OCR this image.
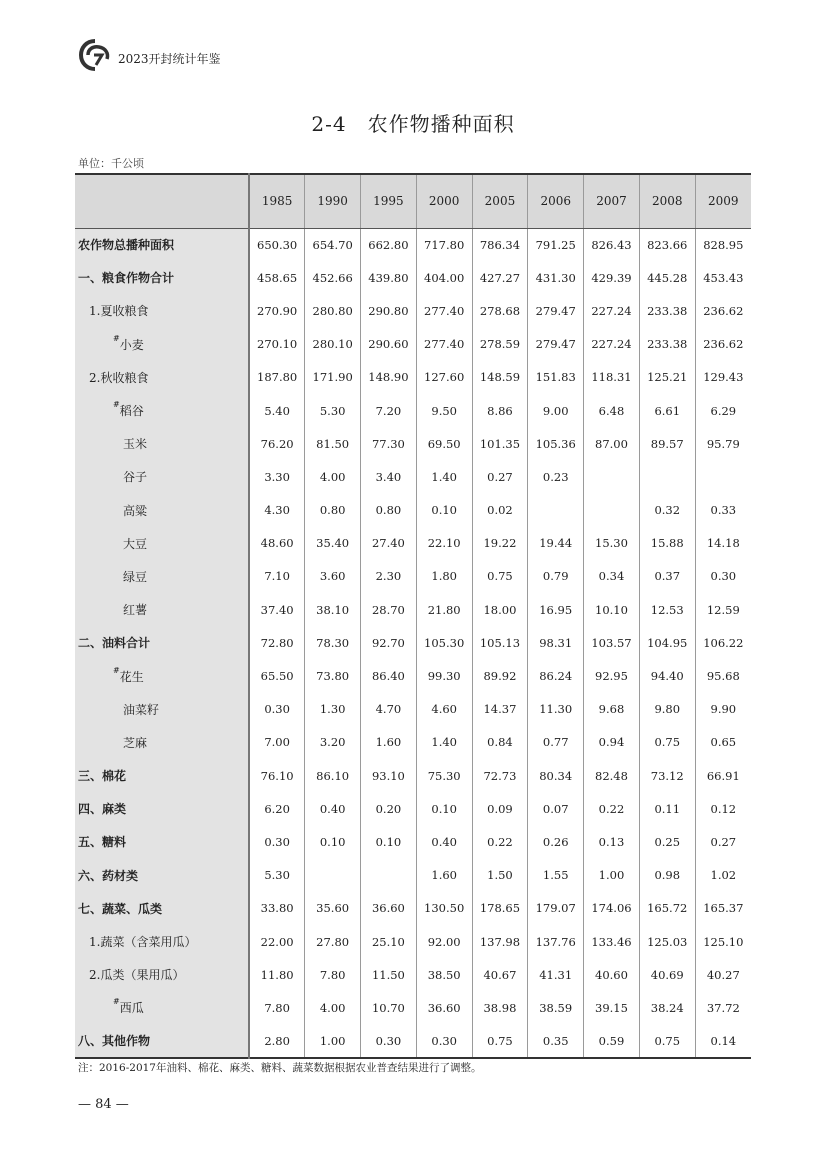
2023开封统计年鉴
2-4　农作物播种面积
单位：千公顷
	1985	1990	1995	2000	2005	2006	2007	2008	2009
农作物总播种面积	650.30	654.70	662.80	717.80	786.34	791.25	826.43	823.66	828.95
一、粮食作物合计	458.65	452.66	439.80	404.00	427.27	431.30	429.39	445.28	453.43
1.夏收粮食	270.90	280.80	290.80	277.40	278.68	279.47	227.24	233.38	236.62
#小麦	270.10	280.10	290.60	277.40	278.59	279.47	227.24	233.38	236.62
2.秋收粮食	187.80	171.90	148.90	127.60	148.59	151.83	118.31	125.21	129.43
#稻谷	5.40	5.30	7.20	9.50	8.86	9.00	6.48	6.61	6.29
玉米	76.20	81.50	77.30	69.50	101.35	105.36	87.00	89.57	95.79
谷子	3.30	4.00	3.40	1.40	0.27	0.23			
高粱	4.30	0.80	0.80	0.10	0.02			0.32	0.33
大豆	48.60	35.40	27.40	22.10	19.22	19.44	15.30	15.88	14.18
绿豆	7.10	3.60	2.30	1.80	0.75	0.79	0.34	0.37	0.30
红薯	37.40	38.10	28.70	21.80	18.00	16.95	10.10	12.53	12.59
二、油料合计	72.80	78.30	92.70	105.30	105.13	98.31	103.57	104.95	106.22
#花生	65.50	73.80	86.40	99.30	89.92	86.24	92.95	94.40	95.68
油菜籽	0.30	1.30	4.70	4.60	14.37	11.30	9.68	9.80	9.90
芝麻	7.00	3.20	1.60	1.40	0.84	0.77	0.94	0.75	0.65
三、棉花	76.10	86.10	93.10	75.30	72.73	80.34	82.48	73.12	66.91
四、麻类	6.20	0.40	0.20	0.10	0.09	0.07	0.22	0.11	0.12
五、糖料	0.30	0.10	0.10	0.40	0.22	0.26	0.13	0.25	0.27
六、药材类	5.30			1.60	1.50	1.55	1.00	0.98	1.02
七、蔬菜、瓜类	33.80	35.60	36.60	130.50	178.65	179.07	174.06	165.72	165.37
1.蔬菜（含菜用瓜）	22.00	27.80	25.10	92.00	137.98	137.76	133.46	125.03	125.10
2.瓜类（果用瓜）	11.80	7.80	11.50	38.50	40.67	41.31	40.60	40.69	40.27
#西瓜	7.80	4.00	10.70	36.60	38.98	38.59	39.15	38.24	37.72
八、其他作物	2.80	1.00	0.30	0.30	0.75	0.35	0.59	0.75	0.14
注：2016-2017年油料、棉花、麻类、糖料、蔬菜数据根据农业普查结果进行了调整。
— 84 —
